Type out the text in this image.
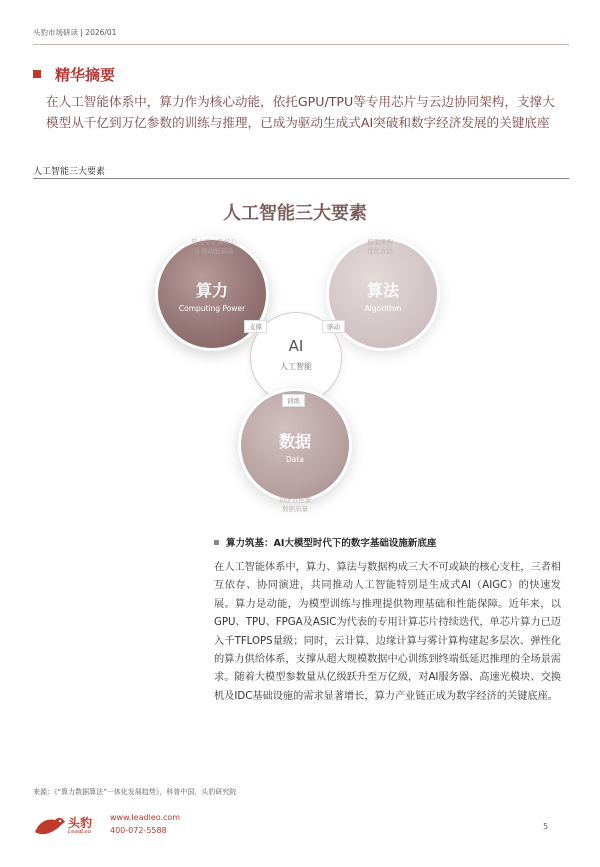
头豹市场研读 | 2026/01
精华摘要
在人工智能体系中，算力作为核心动能，依托GPU/TPU等专用芯片与云边协同架构，支撑大模型从千亿到万亿参数的训练与推理，已成为驱动生成式AI突破和数字经济发展的关键底座
人工智能三大要素
人工智能三大要素
算力
Computing Power
算法
Algorithm
AI
人工智能
数据
Data
算力是计算核心
计算动能基础
模型架构
优化方法
训练数据集
数据质量
支撑	驱动
训练
算力筑基：AI大模型时代下的数字基础设施新底座
在人工智能体系中，算力、算法与数据构成三大不可或缺的核心支柱，三者相互依存、协同演进，共同推动人工智能特别是生成式AI（AIGC）的快速发展。算力是动能，为模型训练与推理提供物理基础和性能保障。近年来，以GPU、TPU、FPGA及ASIC为代表的专用计算芯片持续迭代，单芯片算力已迈入千TFLOPS量级；同时，云计算、边缘计算与雾计算构建起多层次、弹性化的算力供给体系，支撑从超大规模数据中心训练到终端低延迟推理的全场景需求。随着大模型参数量从亿级跃升至万亿级，对AI服务器、高速光模块、交换机及IDC基础设施的需求显著增长，算力产业链正成为数字经济的关键底座。
来源：《“算力数据算法”一体化发展趋势》，科普中国，头豹研究院
头豹
LeadLeo
www.leadleo.com
400-072-5588	5
